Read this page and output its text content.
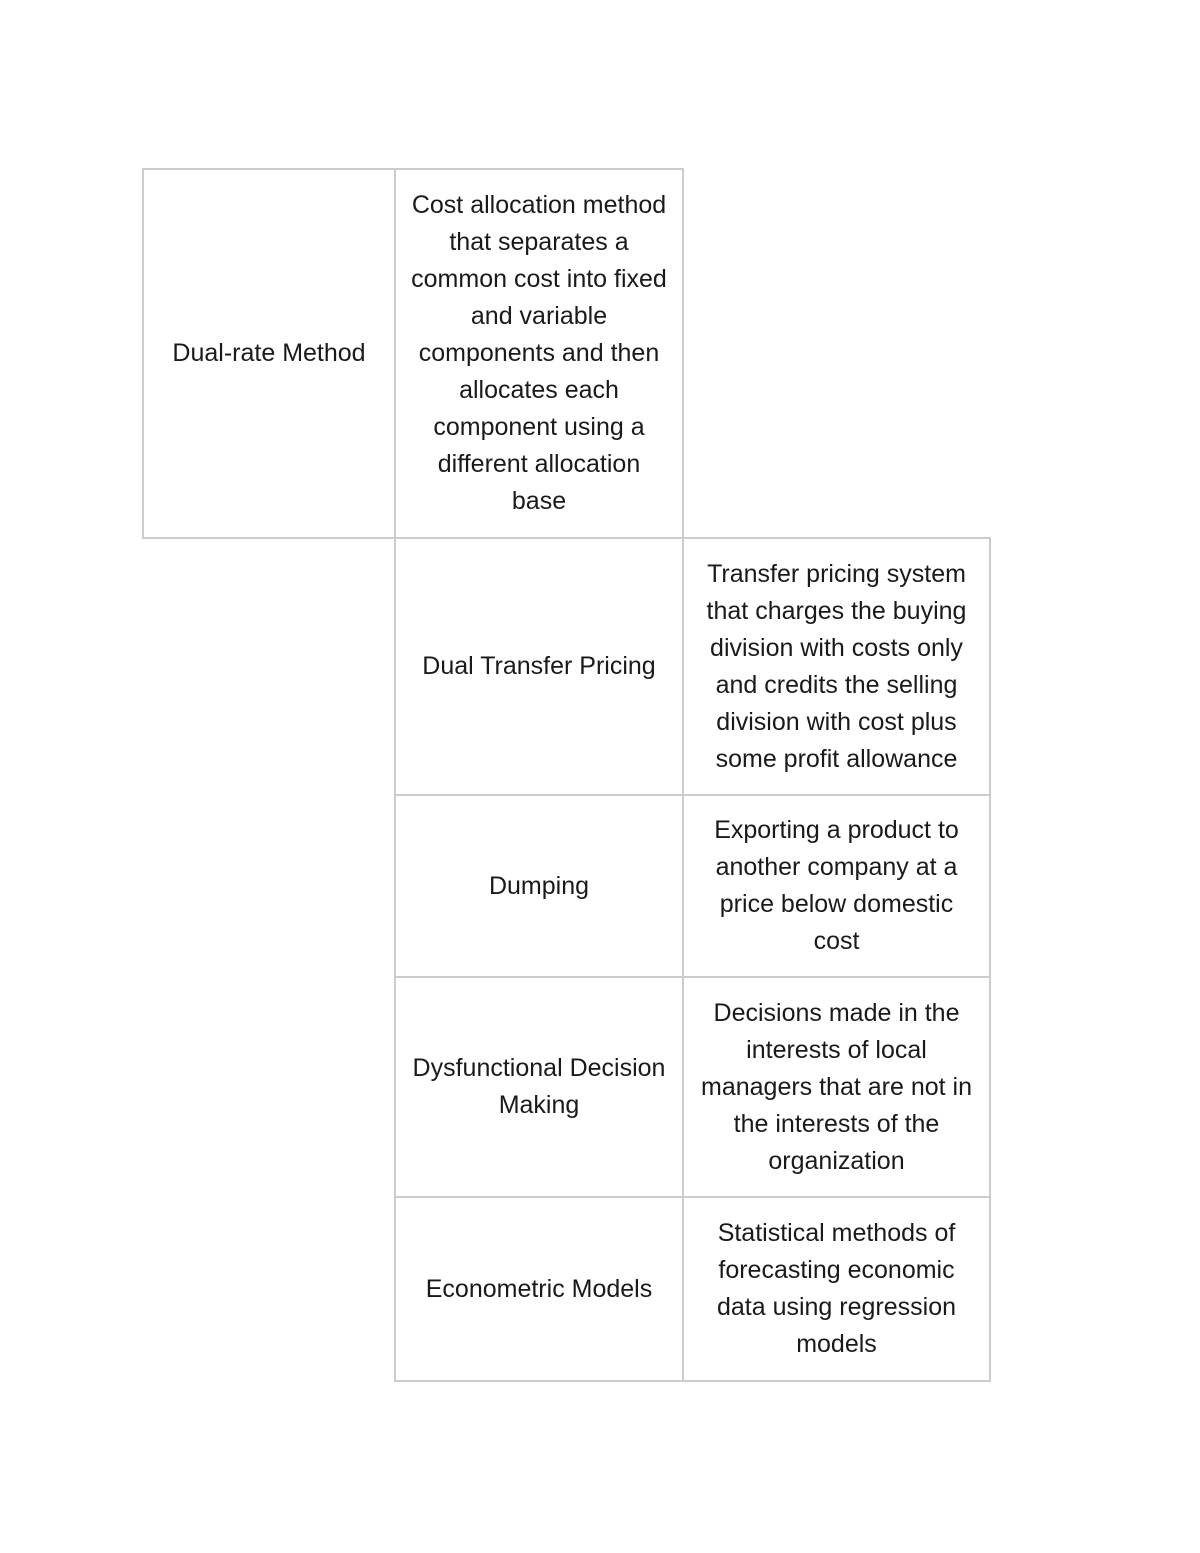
Dual-rate Method
Cost allocation method that separates a common cost into fixed and variable components and then allocates each component using a different allocation base
Dual Transfer Pricing
Transfer pricing system that charges the buying division with costs only and credits the selling division with cost plus some profit allowance
Dumping
Exporting a product to another company at a price below domestic cost
Dysfunctional Decision Making
Decisions made in the interests of local managers that are not in the interests of the organization
Econometric Models
Statistical methods of forecasting economic data using regression models
